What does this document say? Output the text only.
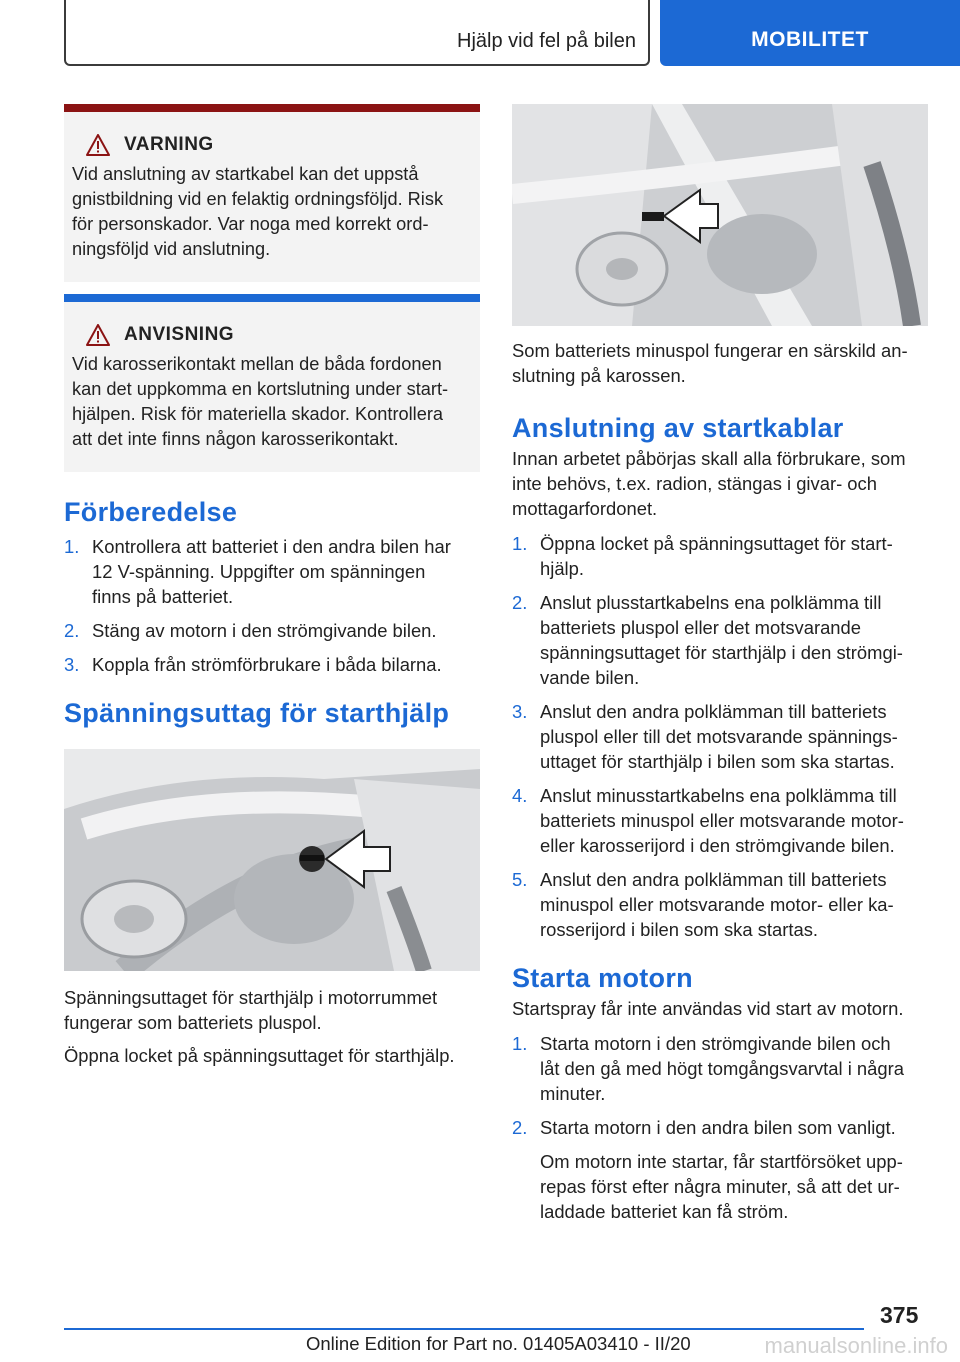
Hjälp vid fel på bilen	MOBILITET
VARNING

Vid anslutning av startkabel kan det uppstå
gnistbildning vid en felaktig ordningsföljd. Risk
för personskador. Var noga med korrekt ord‐
ningsföljd vid anslutning.

ANVISNING

Vid karosserikontakt mellan de båda fordonen
kan det uppkomma en kortslutning under start‐
hjälpen. Risk för materiella skador. Kontrollera
att det inte finns någon karosserikontakt.

Förberedelse
1. Kontrollera att batteriet i den andra bilen har
12 V-spänning. Uppgifter om spänningen
finns på batteriet.
2. Stäng av motorn i den strömgivande bilen.
3. Koppla från strömförbrukare i båda bilarna.
Spänningsuttag för starthjälp

Spänningsuttaget för starthjälp i motorrummet
fungerar som batteriets pluspol.

Öppna locket på spänningsuttaget för starthjälp.

Som batteriets minuspol fungerar en särskild an‐
slutning på karossen.

Anslutning av startkablar

Innan arbetet påbörjas skall alla förbrukare, som
inte behövs, t.ex. radion, stängas i givar- och
mottagarfordonet.

1. Öppna locket på spänningsuttaget för start‐
hjälp.
2. Anslut plusstartkabelns ena polklämma till
batteriets pluspol eller det motsvarande
spänningsuttaget för starthjälp i den strömgi‐
vande bilen.
3. Anslut den andra polklämman till batteriets
pluspol eller till det motsvarande spännings‐
uttaget för starthjälp i bilen som ska startas.
4. Anslut minusstartkabelns ena polklämma till
batteriets minuspol eller motsvarande motor-
eller karosserijord i den strömgivande bilen.
5. Anslut den andra polklämman till batteriets
minuspol eller motsvarande motor- eller ka‐
rosserijord i bilen som ska startas.
Starta motorn

Startspray får inte användas vid start av motorn.

1. Starta motorn i den strömgivande bilen och
låt den gå med högt tomgångsvarvtal i några
minuter.
2. Starta motorn i den andra bilen som vanligt.

Om motorn inte startar, får startförsöket upp‐
repas först efter några minuter, så att det ur‐
laddade batteriet kan få ström.

375
Online Edition for Part no. 01405A03410 - II/20	manualsonline.info
